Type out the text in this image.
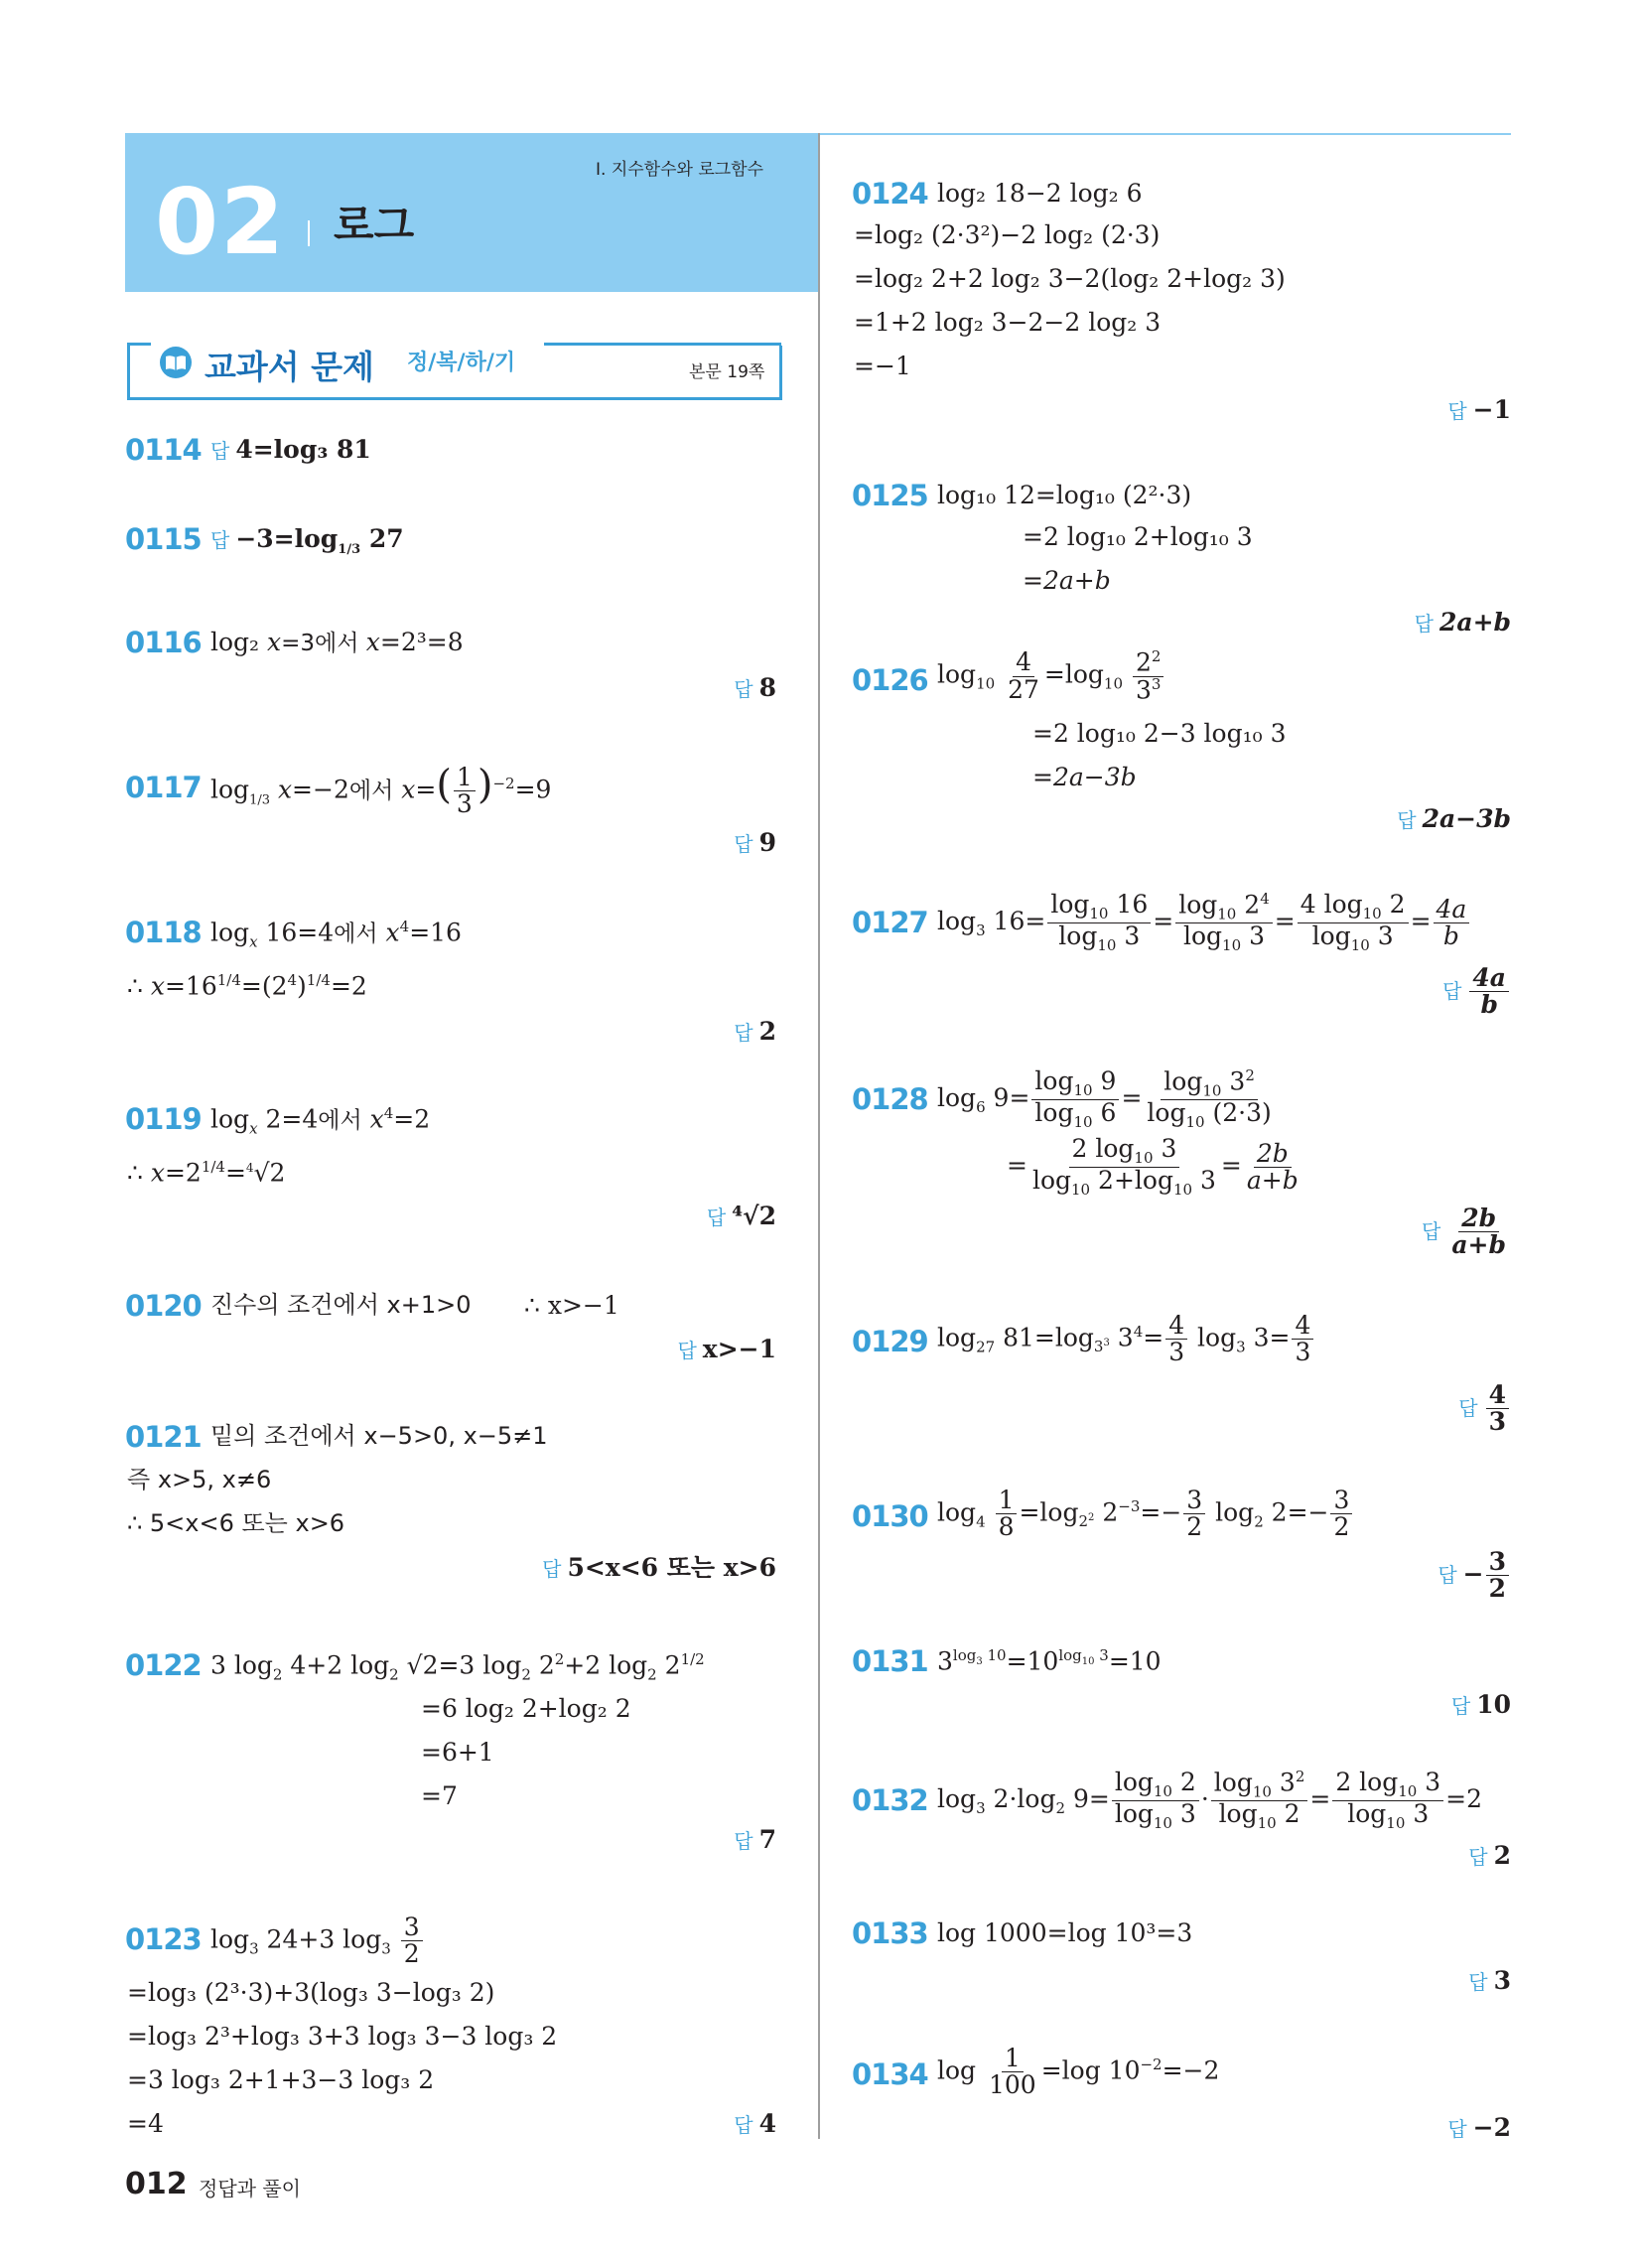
02 로그
Ⅰ. 지수함수와 로그함수
교과서 문제 정/복/하/기	본문 19쪽
0114 답 4=log₃ 81
0115 답 $-3=\log_{1/3}$ 27
0116 log₂ x=3에서 x=2³=8
답 8
0117 $\log_{1/3} x=-2$에서 $x=( \frac{1}{3} )^{-2}=9$
답 9
0118 $\log_x 16=4$에서 $x^4=16$
∴ $x=16^{1/4}=(2^4)^{1/4}=2$
답 2
0119 $\log_x 2=4$에서 $x^4=2$
∴ $x=2^{1/4}=^4√2$
답 ⁴√2
0120 진수의 조건에서 x+1>0 ∴ x>−1
답 x>−1
0121 밑의 조건에서 x−5>0, x−5≠1
즉 x>5, x≠6
∴ 5<x<6 또는 x>6
답 5<x<6 또는 x>6
0122 3 $\log_2 4+2$ $\log_2 √2=3$ $\log_2 2^2+2$ $\log_2 2^{1/2}$
=6 log₂ 2+log₂ 2
=6+1
=7
답 7
0123 $\log_3 24+3$ $\log_3 \frac{3}{2}$
=log₃ (2³·3)+3(log₃ 3−log₃ 2)
=log₃ 2³+log₃ 3+3 log₃ 3−3 log₃ 2
=3 log₃ 2+1+3−3 log₃ 2
=4	답 4
0124 log₂ 18−2 log₂ 6
=log₂ (2·3²)−2 log₂ (2·3)
=log₂ 2+2 log₂ 3−2(log₂ 2+log₂ 3)
=1+2 log₂ 3−2−2 log₂ 3
=−1
답 −1
0125 log₁₀ 12=log₁₀ (2²·3)
=2 log₁₀ 2+log₁₀ 3
=2a+b
답 2a+b
0126 $\log_{10} \frac{4}{27} =\log_{10} \frac{2^2}{3^3}$
=2 log₁₀ 2−3 log₁₀ 3
=2a−3b
답 2a−3b
0127 $\log_3 16= \frac{\log_{10} 16}{\log_{10} 3} = \frac{\log_{10} 2^4}{\log_{10} 3} = \frac{4 \log_{10} 2}{\log_{10} 3} = \frac{4a}{b}$
답 $\frac{4a}{b}$
0128 $\log_6 9= \frac{\log_{10} 9}{\log_{10} 6} = \frac{\log_{10} 3^2}{\log_{10} (2\cdot 3)}$
= $\frac{2 \log_{10} 3}{\log_{10} 2+\log_{10} 3} = \frac{2b}{a+b}$
답 $\frac{2b}{a+b}$
0129 $\log_{27} 81=\log_{3^3}$ $3^4= \frac{4}{3} \log_3 3= \frac{4}{3}$
답 $\frac{4}{3}$
0130 $\log_4 \frac{1}{8} =\log_{2^2}$ $2^{-3}=- \frac{3}{2} \log_2 2=- \frac{3}{2}$
답 − $\frac{3}{2}$
0131 $3^{log_3 10}=10^{log_{10} 3}=10$
답 10
0132 $\log_3 2\cdot\log_2$ $9= \frac{\log_{10} 2}{\log_{10} 3} \cdot \frac{\log_{10} 3^2}{\log_{10} 2} = \frac{2 \log_{10} 3}{\log_{10} 3} =2$
답 2
0133 log 1000=log 10³=3
답 3
0134 $\log \frac{1}{100} =\log$ $10^{-2}=-2$
답 −2
012 정답과 풀이
